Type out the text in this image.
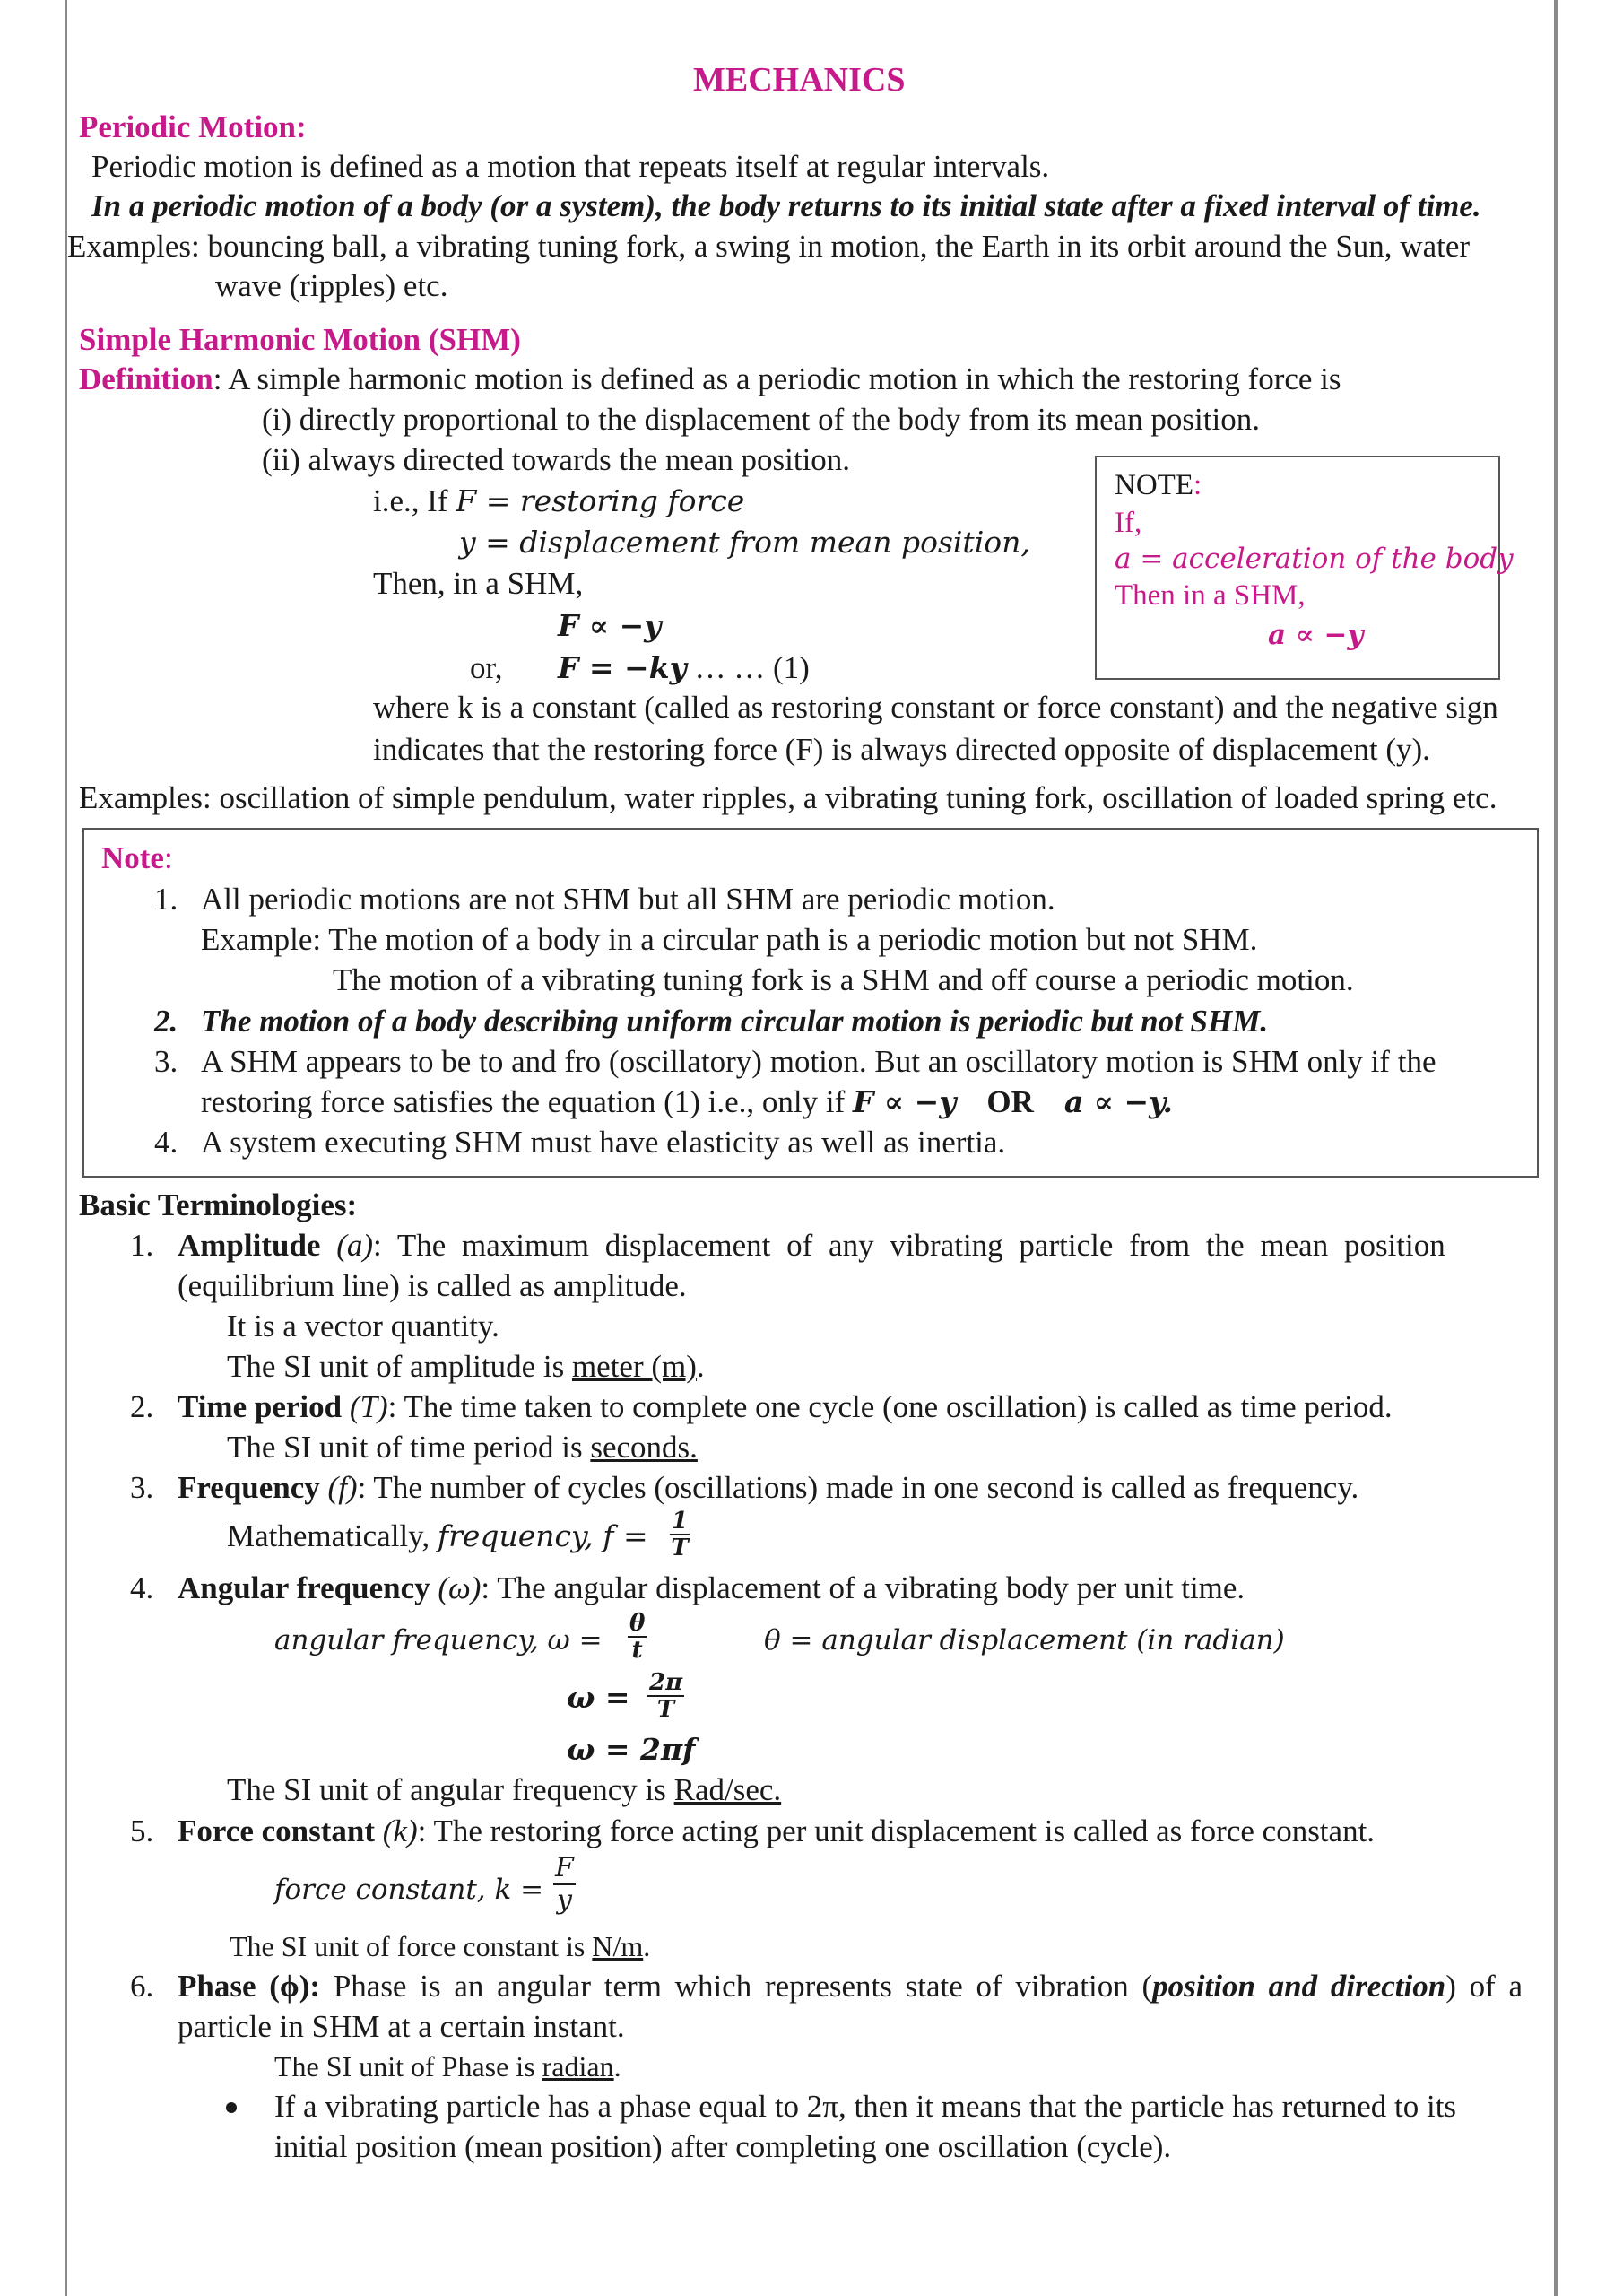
MECHANICS
Periodic Motion:
Periodic motion is defined as a motion that repeats itself at regular intervals.
In a periodic motion of a body (or a system), the body returns to its initial state after a fixed interval of time.
Examples: bouncing ball, a vibrating tuning fork, a swing in motion, the Earth in its orbit around the Sun, water
wave (ripples) etc.
Simple Harmonic Motion (SHM)
Definition: A simple harmonic motion is defined as a periodic motion in which the restoring force is
(i) directly proportional to the displacement of the body from its mean position.
(ii) always directed towards the mean position.
i.e., If F = restoring force
y = displacement from mean position,
Then, in a SHM,
F ∝ −y
or, F = −ky … … (1)
where k is a constant (called as restoring constant or force constant) and the negative sign
indicates that the restoring force (F) is always directed opposite of displacement (y).
Examples: oscillation of simple pendulum, water ripples, a vibrating tuning fork, oscillation of loaded spring etc.
NOTE:
If,
a = acceleration of the body
Then in a SHM,
a ∝ −y
Note:
1. All periodic motions are not SHM but all SHM are periodic motion.
Example: The motion of a body in a circular path is a periodic motion but not SHM.
The motion of a vibrating tuning fork is a SHM and off course a periodic motion.
2. The motion of a body describing uniform circular motion is periodic but not SHM.
3. A SHM appears to be to and fro (oscillatory) motion. But an oscillatory motion is SHM only if the
restoring force satisfies the equation (1) i.e., only if F ∝ −y OR a ∝ −y.
4. A system executing SHM must have elasticity as well as inertia.
Basic Terminologies:
1. Amplitude (a): The maximum displacement of any vibrating particle from the mean position
(equilibrium line) is called as amplitude.
It is a vector quantity.
The SI unit of amplitude is meter (m).
2. Time period (T): The time taken to complete one cycle (one oscillation) is called as time period.
The SI unit of time period is seconds.
3. Frequency (f): The number of cycles (oscillations) made in one second is called as frequency.
Mathematically, frequency, $f = \frac{1}{T}$
4. Angular frequency (ω): The angular displacement of a vibrating body per unit time.
angular frequency, $\omega = \frac{\theta}{t}$	θ = angular displacement (in radian)
$\omega = \frac{2\pi}{T}$
ω = 2πf
The SI unit of angular frequency is Rad/sec.
5. Force constant (k): The restoring force acting per unit displacement is called as force constant.
force constant, $k = \frac{F}{y}$
The SI unit of force constant is N/m.
6. Phase (ϕ): Phase is an angular term which represents state of vibration (position and direction) of a
particle in SHM at a certain instant.
The SI unit of Phase is radian.
If a vibrating particle has a phase equal to 2π, then it means that the particle has returned to its
initial position (mean position) after completing one oscillation (cycle).
